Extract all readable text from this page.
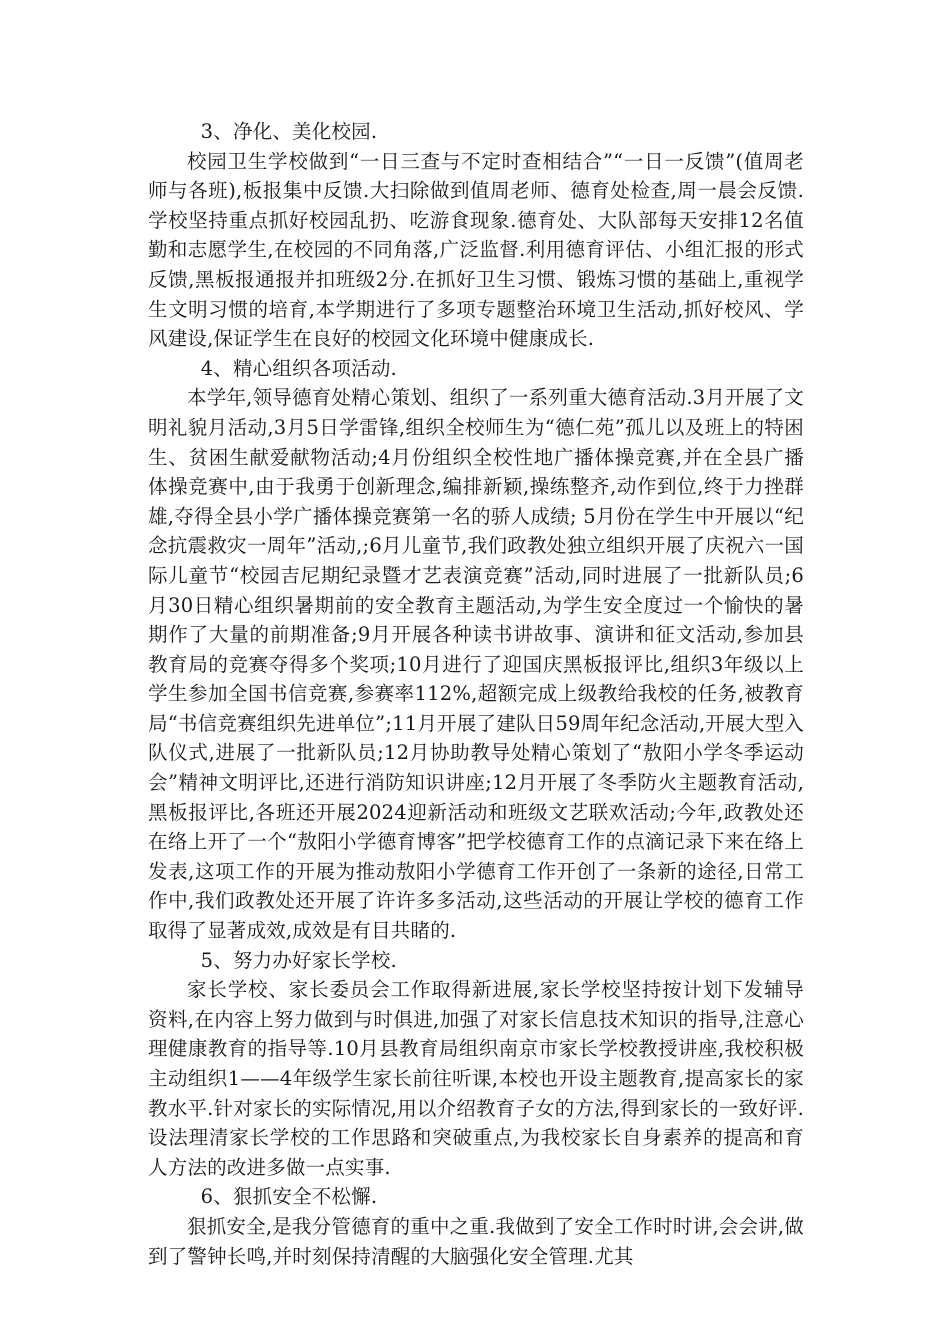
3、净化、美化校园.

校园卫生学校做到“一日三查与不定时查相结合”“一日一反馈”(值周老师与各班),板报集中反馈.大扫除做到值周老师、德育处检查,周一晨会反馈.学校坚持重点抓好校园乱扔、吃游食现象.德育处、大队部每天安排12名值勤和志愿学生,在校园的不同角落,广泛监督.利用德育评估、小组汇报的形式反馈,黑板报通报并扣班级2分.在抓好卫生习惯、锻炼习惯的基础上,重视学生文明习惯的培育,本学期进行了多项专题整治环境卫生活动,抓好校风、学风建设,保证学生在良好的校园文化环境中健康成长.

4、精心组织各项活动.

本学年,领导德育处精心策划、组织了一系列重大德育活动.3月开展了文明礼貌月活动,3月5日学雷锋,组织全校师生为“德仁苑”孤儿以及班上的特困生、贫困生献爱献物活动;4月份组织全校性地广播体操竞赛,并在全县广播体操竞赛中,由于我勇于创新理念,编排新颖,操练整齐,动作到位,终于力挫群雄,夺得全县小学广播体操竞赛第一名的骄人成绩; 5月份在学生中开展以“纪念抗震救灾一周年”活动,;6月儿童节,我们政教处独立组织开展了庆祝六一国际儿童节“校园吉尼期纪录暨才艺表演竞赛”活动,同时进展了一批新队员;6月30日精心组织暑期前的安全教育主题活动,为学生安全度过一个愉快的暑期作了大量的前期准备;9月开展各种读书讲故事、演讲和征文活动,参加县教育局的竞赛夺得多个奖项;10月进行了迎国庆黑板报评比,组织3年级以上学生参加全国书信竞赛,参赛率112%,超额完成上级教给我校的任务,被教育局“书信竞赛组织先进单位”;11月开展了建队日59周年纪念活动,开展大型入队仪式,进展了一批新队员;12月协助教导处精心策划了“敖阳小学冬季运动会”精神文明评比,还进行消防知识讲座;12月开展了冬季防火主题教育活动,黑板报评比,各班还开展2024迎新活动和班级文艺联欢活动;今年,政教处还在络上开了一个“敖阳小学德育博客”把学校德育工作的点滴记录下来在络上发表,这项工作的开展为推动敖阳小学德育工作开创了一条新的途径,日常工作中,我们政教处还开展了许许多多活动,这些活动的开展让学校的德育工作取得了显著成效,成效是有目共睹的.

5、努力办好家长学校.

家长学校、家长委员会工作取得新进展,家长学校坚持按计划下发辅导资料,在内容上努力做到与时俱进,加强了对家长信息技术知识的指导,注意心理健康教育的指导等.10月县教育局组织南京市家长学校教授讲座,我校积极主动组织1——4年级学生家长前往听课,本校也开设主题教育,提高家长的家教水平.针对家长的实际情况,用以介绍教育子女的方法,得到家长的一致好评.设法理清家长学校的工作思路和突破重点,为我校家长自身素养的提高和育人方法的改进多做一点实事.

6、狠抓安全不松懈.

狠抓安全,是我分管德育的重中之重.我做到了安全工作时时讲,会会讲,做到了警钟长鸣,并时刻保持清醒的大脑强化安全管理.尤其
